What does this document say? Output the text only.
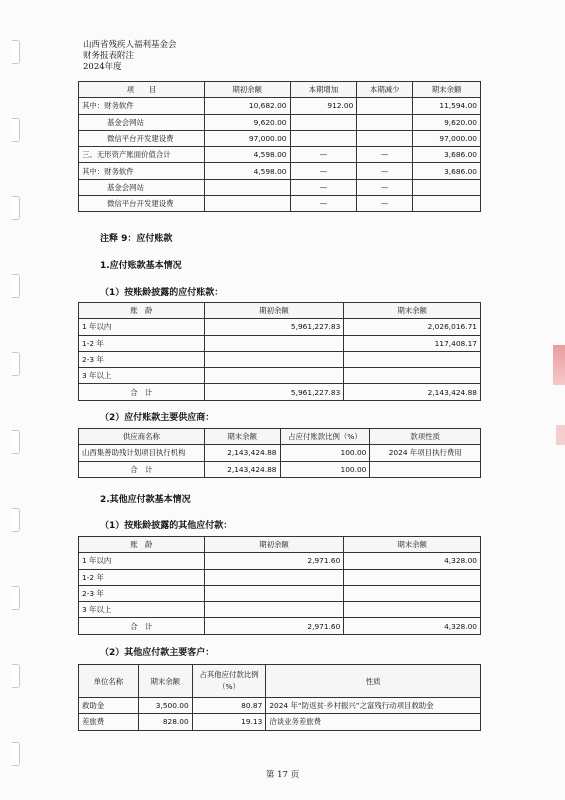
山西省残疾人福利基金会
财务报表附注
2024年度
项　　目	期初余额	本期增加	本期减少	期末余额
其中：财务软件	10,682.00	912.00		11,594.00
基金会网站	9,620.00			9,620.00
微信平台开发建设费	97,000.00			97,000.00
三、无形资产账面价值合计	4,598.00	—	—	3,686.00
其中：财务软件	4,598.00	—	—	3,686.00
基金会网站		—	—	
微信平台开发建设费		—	—	
注释 9：应付账款
1.应付账款基本情况
（1）按账龄披露的应付账款：
账　龄	期初余额	期末余额
1 年以内	5,961,227.83	2,026,016.71
1-2 年		117,408.17
2-3 年		
3 年以上		
合　计	5,961,227.83	2,143,424.88
（2）应付账款主要供应商：
供应商名称	期末余额	占应付账款比例（%）	款项性质
山西集善助残计划项目执行机构	2,143,424.88	100.00	2024 年项目执行费用
合　计	2,143,424.88	100.00	
2.其他应付款基本情况
（1）按账龄披露的其他应付款：
账　龄	期初余额	期末余额
1 年以内	2,971.60	4,328.00
1-2 年		
2-3 年		
3 年以上		
合　计	2,971.60	4,328.00
（2）其他应付款主要客户：
单位名称	期末余额	占其他应付款比例（%）	性质
救助金	3,500.00	80.87	2024 年“防返贫·乡村振兴”之富残行动项目救助金
差旅费	828.00	19.13	洽谈业务差旅费
第 17 页
